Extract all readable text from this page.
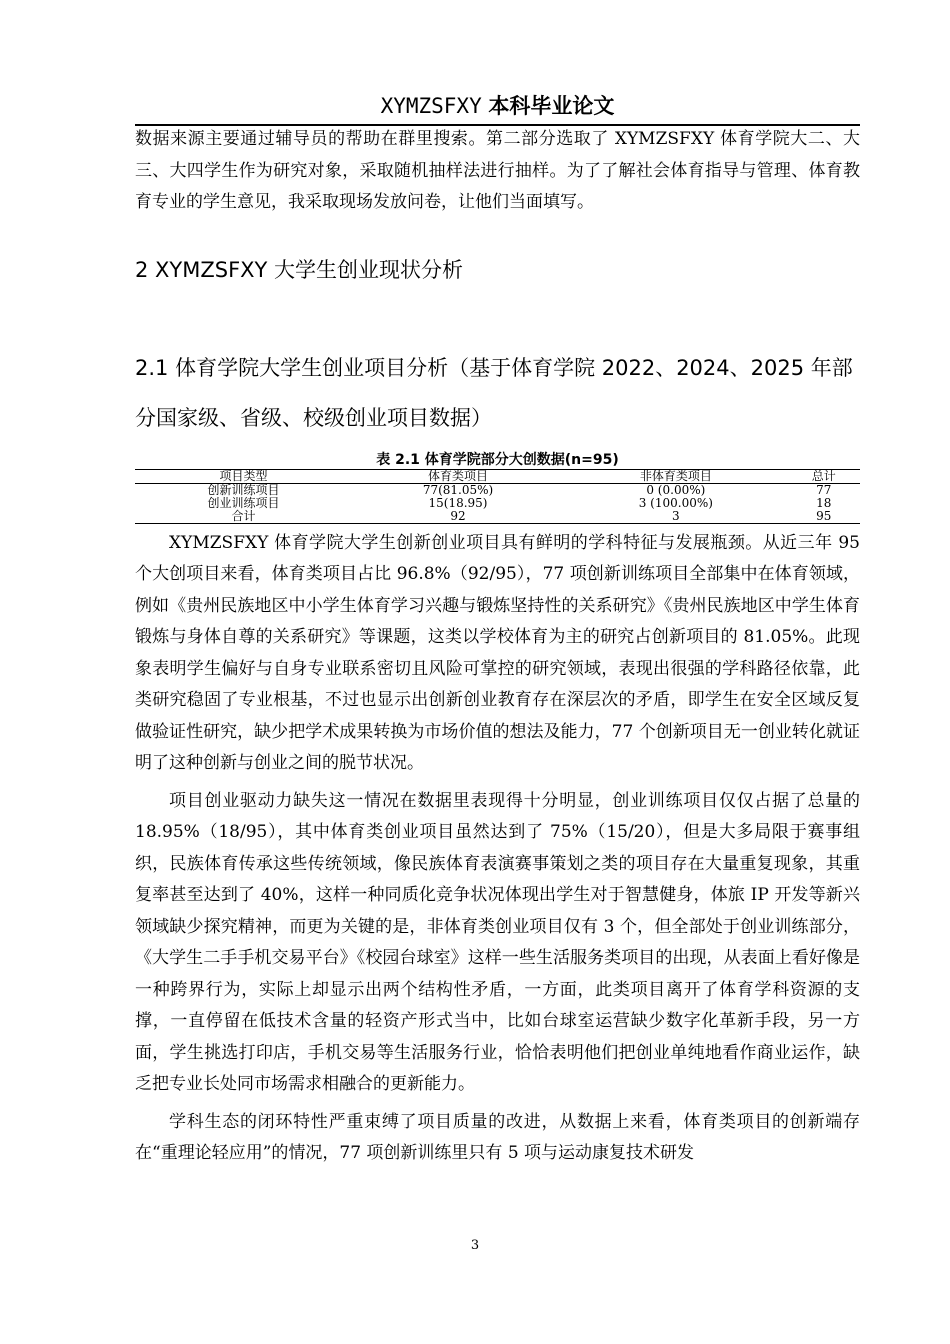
XYMZSFXY 本科毕业论文

数据来源主要通过辅导员的帮助在群里搜索。第二部分选取了 XYMZSFXY 体育学院大二、大三、大四学生作为研究对象，采取随机抽样法进行抽样。为了了解社会体育指导与管理、体育教育专业的学生意见，我采取现场发放问卷，让他们当面填写。

2 XYMZSFXY 大学生创业现状分析
2.1 体育学院大学生创业项目分析（基于体育学院 2022、2024、2025 年部分国家级、省级、校级创业项目数据）
表 2.1 体育学院部分大创数据(n=95)
项目类型	体育类项目	非体育类项目	总计
创新训练项目	77(81.05%)	0 (0.00%)	77
创业训练项目	15(18.95)	3 (100.00%)	18
合计	92	3	95

XYMZSFXY 体育学院大学生创新创业项目具有鲜明的学科特征与发展瓶颈。从近三年 95 个大创项目来看，体育类项目占比 96.8%（92/95），77 项创新训练项目全部集中在体育领域，例如《贵州民族地区中小学生体育学习兴趣与锻炼坚持性的关系研究》《贵州民族地区中学生体育锻炼与身体自尊的关系研究》等课题，这类以学校体育为主的研究占创新项目的 81.05%。此现象表明学生偏好与自身专业联系密切且风险可掌控的研究领域，表现出很强的学科路径依靠，此类研究稳固了专业根基，不过也显示出创新创业教育存在深层次的矛盾，即学生在安全区域反复做验证性研究，缺少把学术成果转换为市场价值的想法及能力，77 个创新项目无一创业转化就证明了这种创新与创业之间的脱节状况。

项目创业驱动力缺失这一情况在数据里表现得十分明显，创业训练项目仅仅占据了总量的 18.95%（18/95），其中体育类创业项目虽然达到了 75%（15/20），但是大多局限于赛事组织，民族体育传承这些传统领域，像民族体育表演赛事策划之类的项目存在大量重复现象，其重复率甚至达到了 40%，这样一种同质化竞争状况体现出学生对于智慧健身，体旅 IP 开发等新兴领域缺少探究精神，而更为关键的是，非体育类创业项目仅有 3 个，但全部处于创业训练部分，《大学生二手手机交易平台》《校园台球室》这样一些生活服务类项目的出现，从表面上看好像是一种跨界行为，实际上却显示出两个结构性矛盾，一方面，此类项目离开了体育学科资源的支撑，一直停留在低技术含量的轻资产形式当中，比如台球室运营缺少数字化革新手段，另一方面，学生挑选打印店，手机交易等生活服务行业，恰恰表明他们把创业单纯地看作商业运作，缺乏把专业长处同市场需求相融合的更新能力。

学科生态的闭环特性严重束缚了项目质量的改进，从数据上来看，体育类项目的创新端存在“重理论轻应用”的情况，77 项创新训练里只有 5 项与运动康复技术研发

3
